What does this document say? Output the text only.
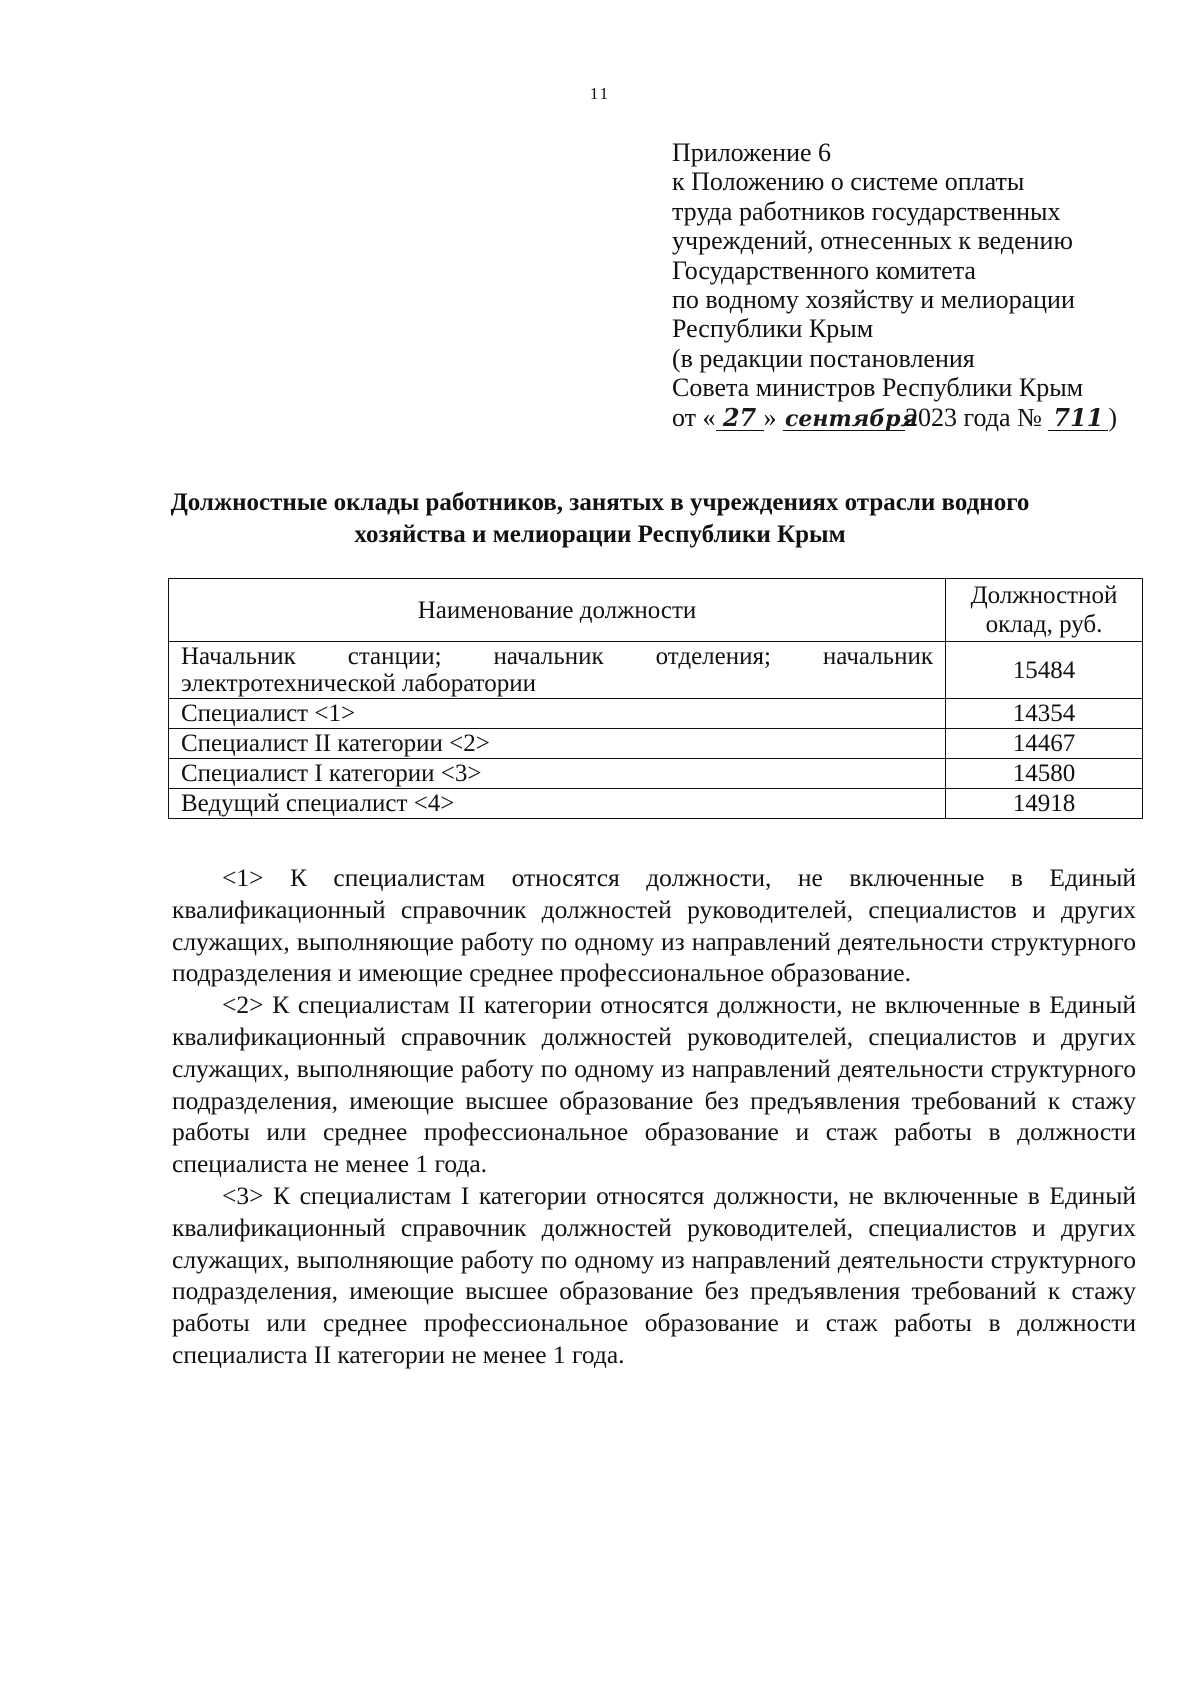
11
Приложение 6
к Положению о системе оплаты
труда работников государственных
учреждений, отнесенных к ведению
Государственного комитета
по водному хозяйству и мелиорации
Республики Крым
(в редакции постановления
Совета министров Республики Крым
от « 27 » сентября2023 года № 711 )
Должностные оклады работников, занятых в учреждениях отрасли водного
хозяйства и мелиорации Республики Крым
Наименование должности	Должностной
оклад, руб.

Начальник станции; начальник отделения; начальник электротехнической лаборатории	15484
Специалист <1>	14354
Специалист II категории <2>	14467
Специалист I категории <3>	14580
Ведущий специалист <4>	14918

<1> К специалистам относятся должности, не включенные в Единый квалификационный справочник должностей руководителей, специалистов и других служащих, выполняющие работу по одному из направлений деятельности структурного подразделения и имеющие среднее профессиональное образование.

<2> К специалистам II категории относятся должности, не включенные в Единый квалификационный справочник должностей руководителей, специалистов и других служащих, выполняющие работу по одному из направлений деятельности структурного подразделения, имеющие высшее образование без предъявления требований к стажу работы или среднее профессиональное образование и стаж работы в должности специалиста не менее 1 года.

<3> К специалистам I категории относятся должности, не включенные в Единый квалификационный справочник должностей руководителей, специалистов и других служащих, выполняющие работу по одному из направлений деятельности структурного подразделения, имеющие высшее образование без предъявления требований к стажу работы или среднее профессиональное образование и стаж работы в должности специалиста II категории не менее 1 года.
